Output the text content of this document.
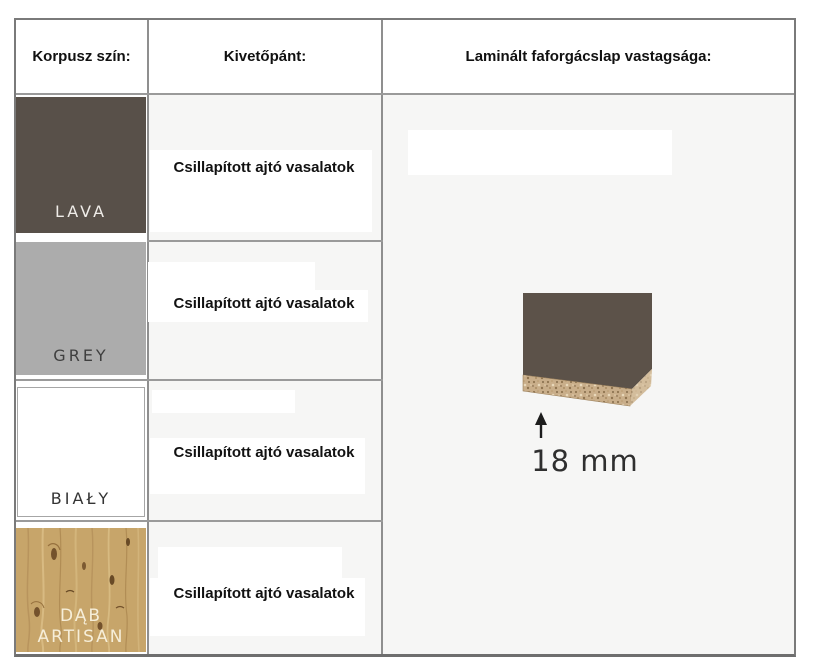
Korpusz szín:	Kivetőpánt:	Laminált faforgácslap vastagsága:
LAVA
GREY
BIAŁY
DĄB ARTISAN
Csillapított ajtó vasalatok
Csillapított ajtó vasalatok
Csillapított ajtó vasalatok
Csillapított ajtó vasalatok
18 mm
